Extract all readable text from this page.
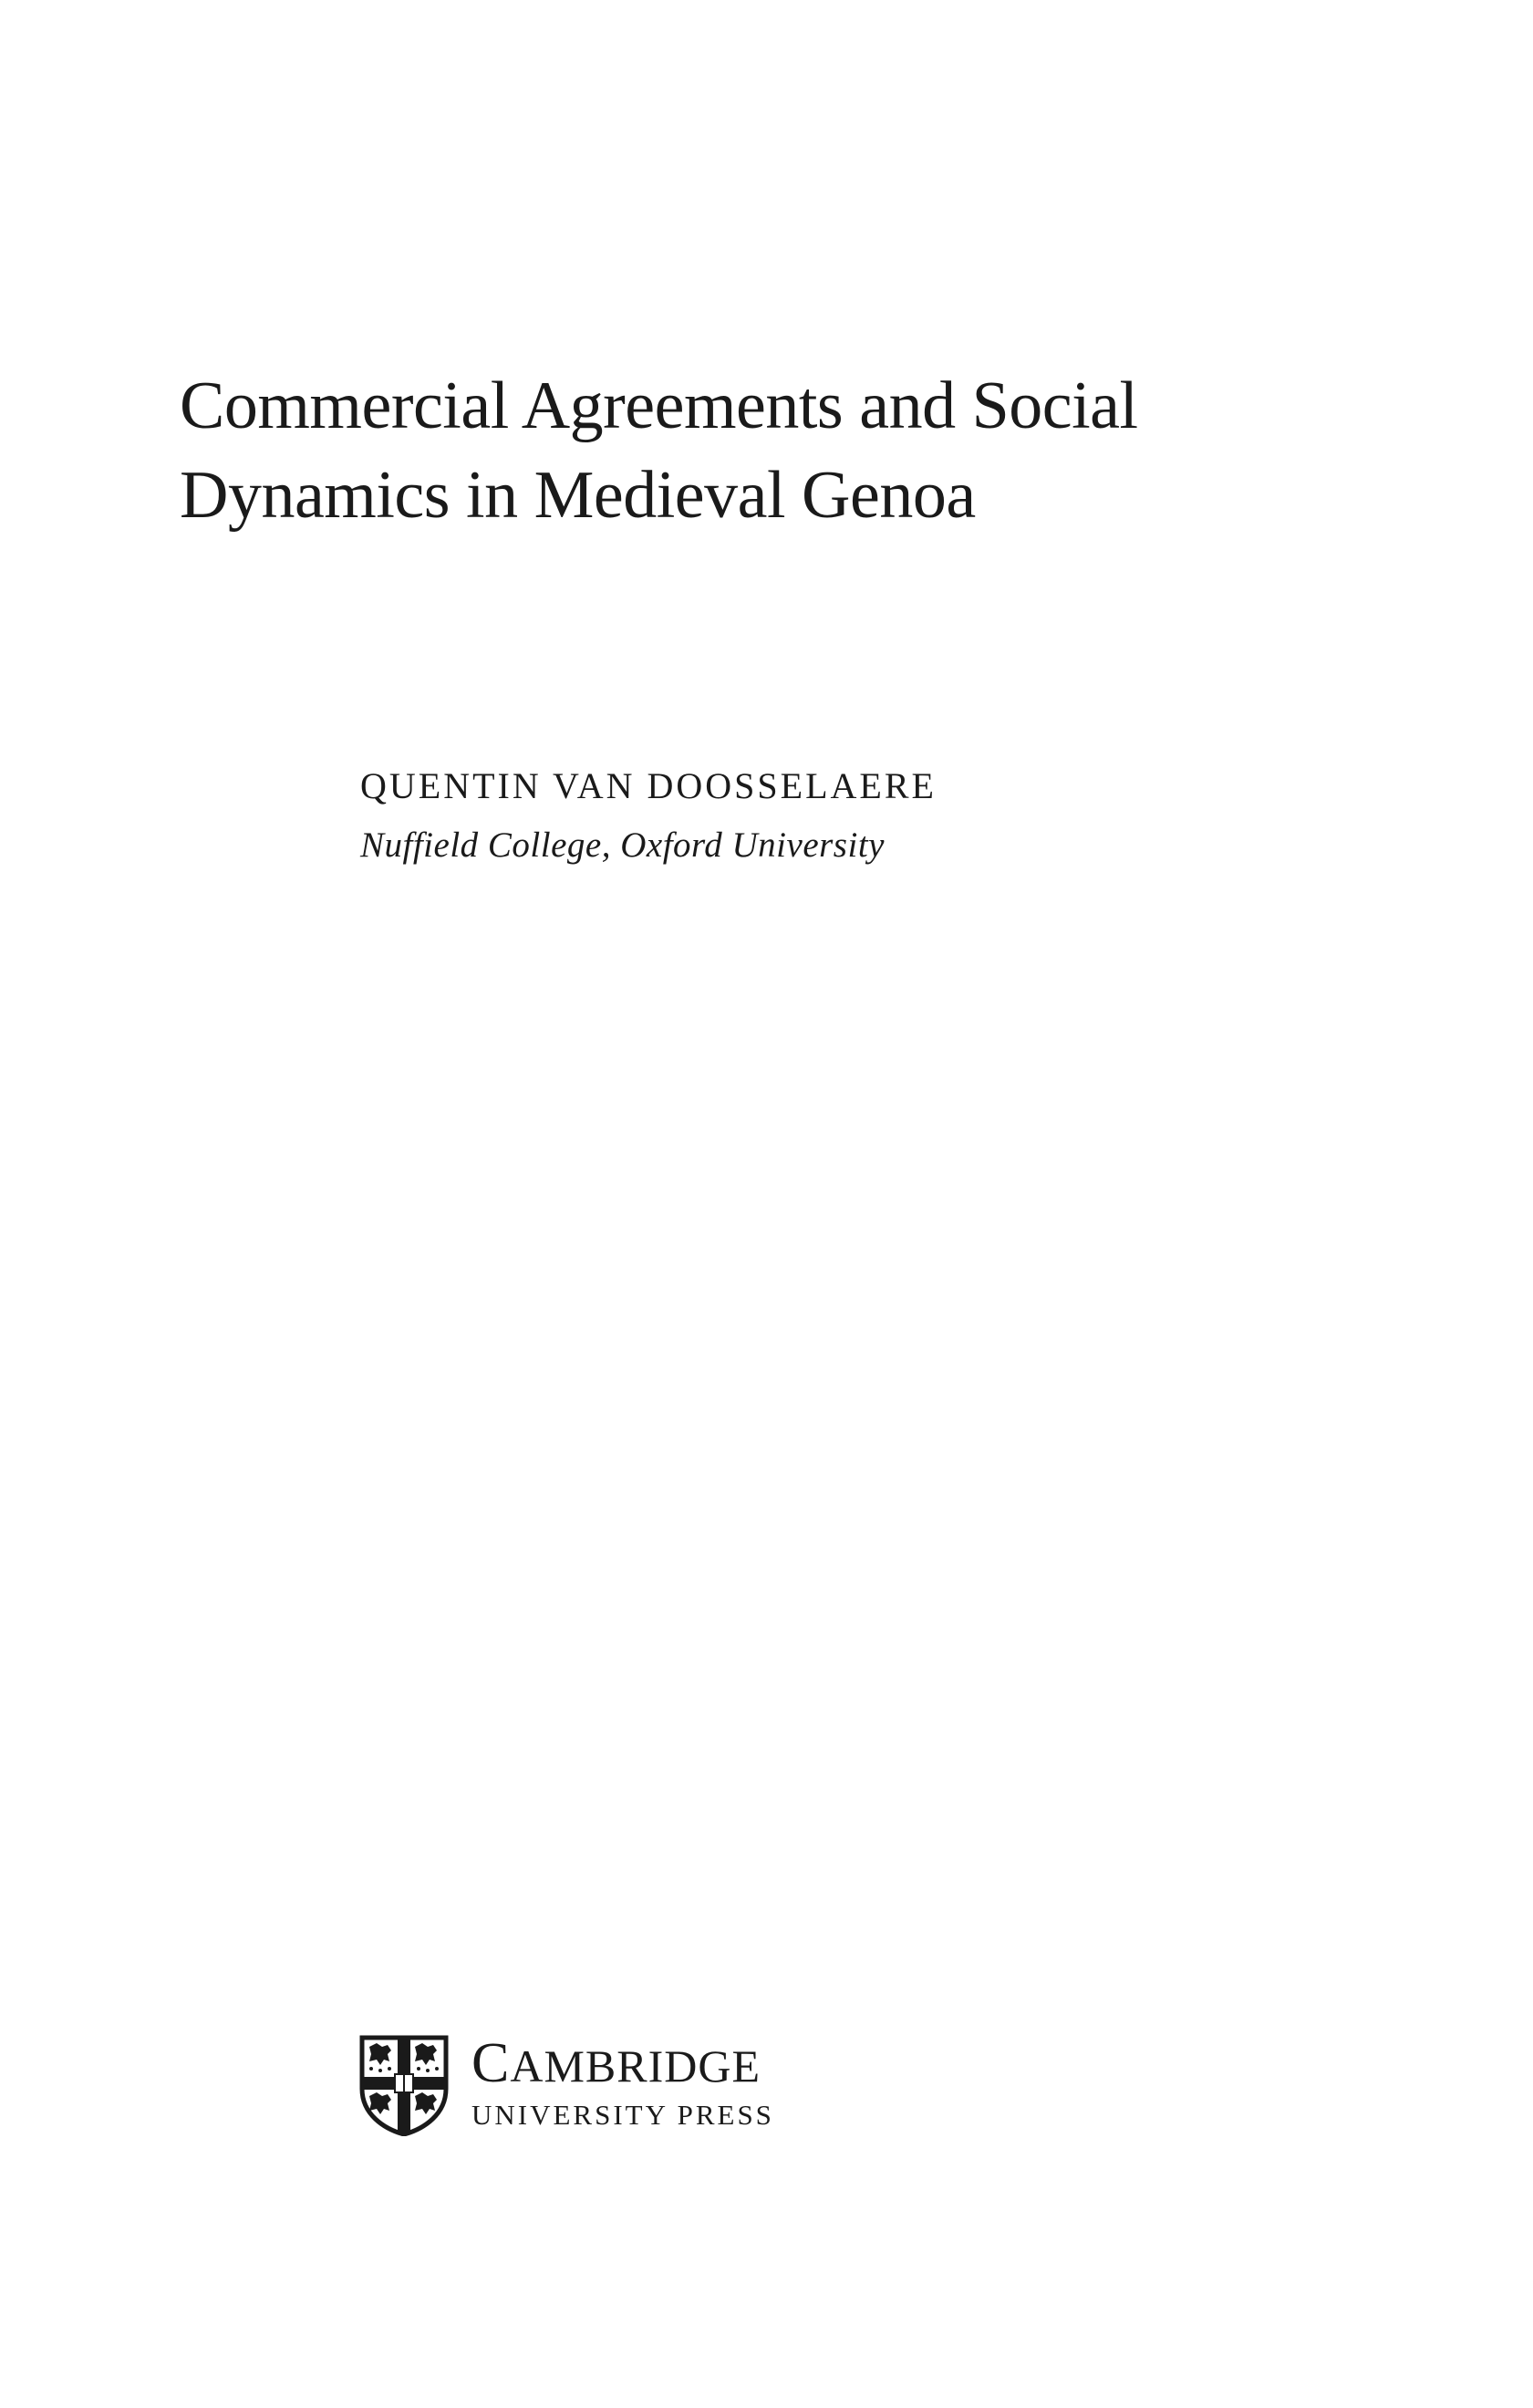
Commercial Agreements and Social
Dynamics in Medieval Genoa
QUENTIN VAN DOOSSELAERE
Nuffield College, Oxford University
CAMBRIDGE
UNIVERSITY PRESS
